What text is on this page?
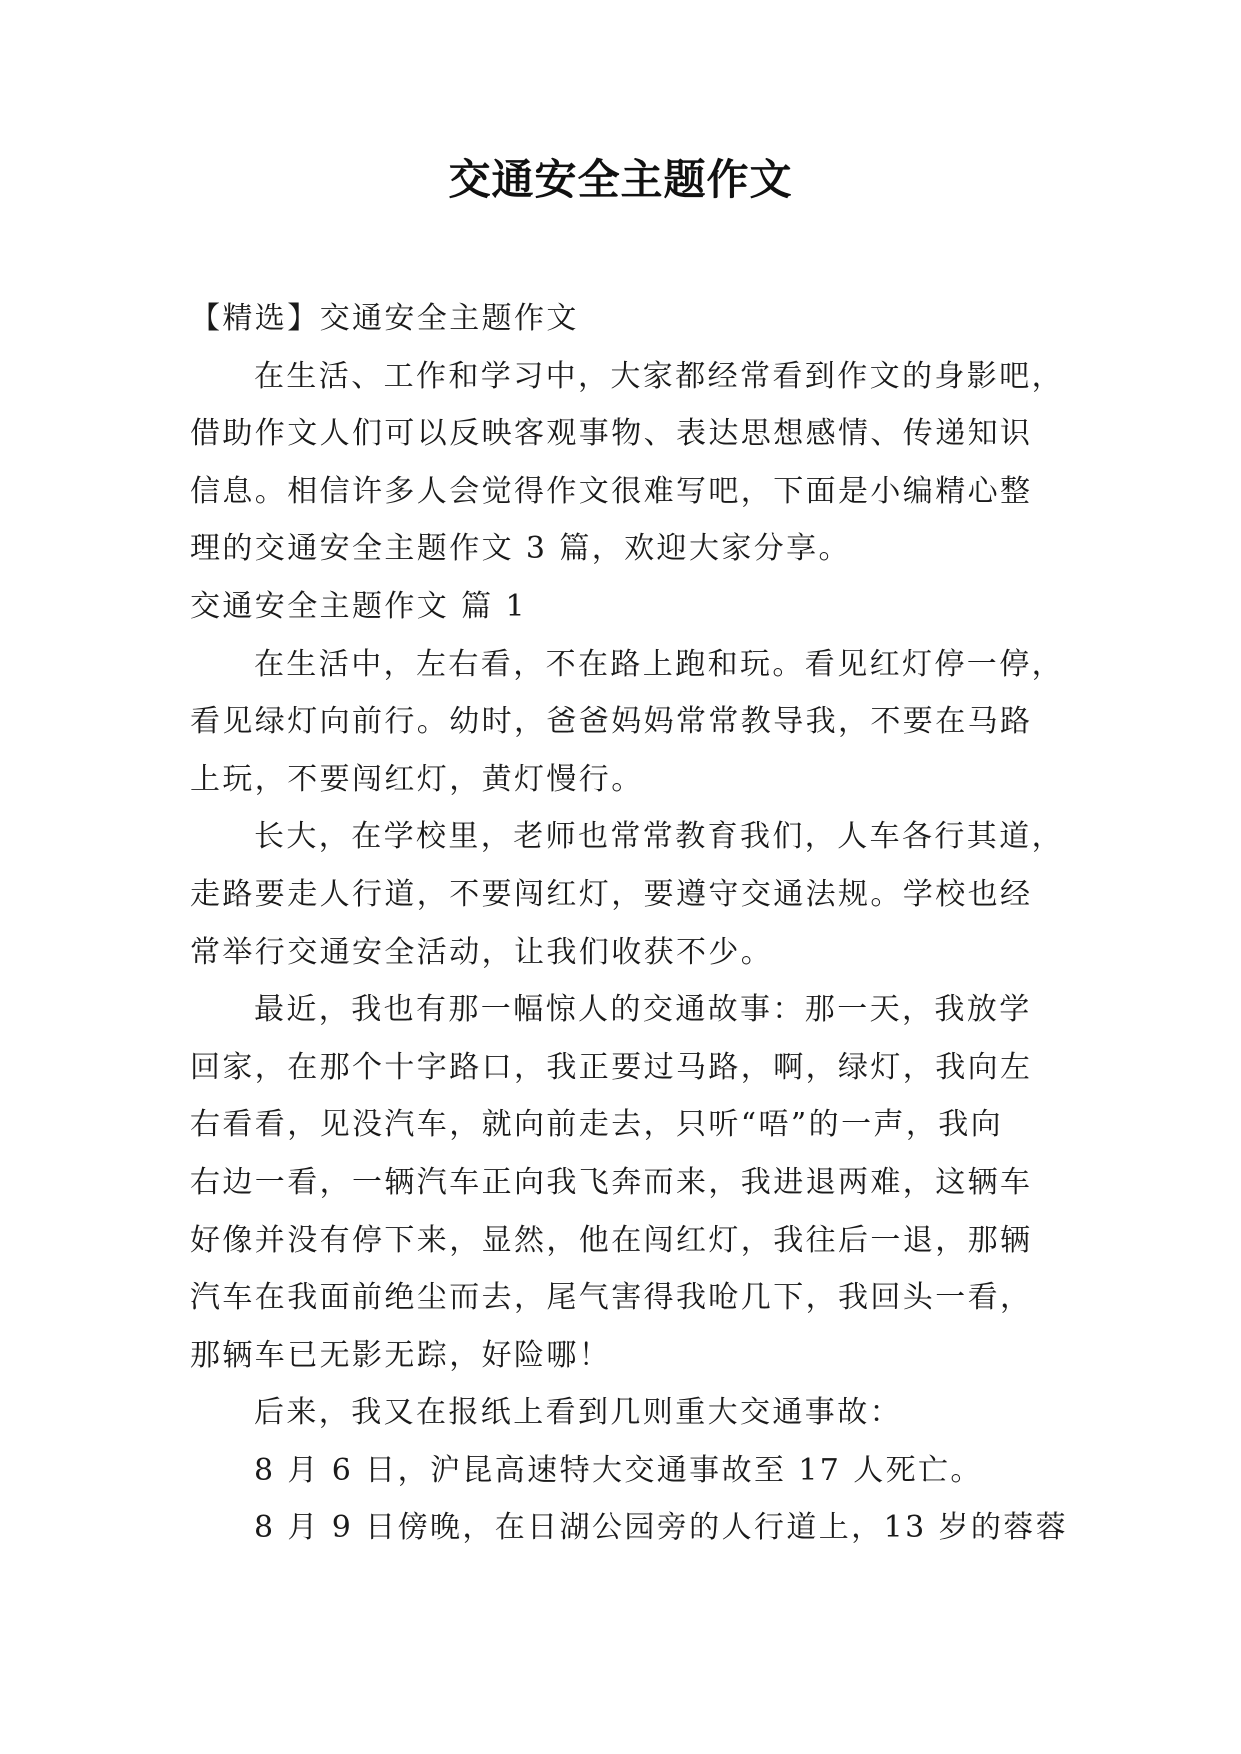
交通安全主题作文
【精选】交通安全主题作文
在生活、工作和学习中，大家都经常看到作文的身影吧，
借助作文人们可以反映客观事物、表达思想感情、传递知识
信息。相信许多人会觉得作文很难写吧，下面是小编精心整
理的交通安全主题作文 3 篇，欢迎大家分享。
交通安全主题作文 篇 1
在生活中，左右看，不在路上跑和玩。看见红灯停一停，
看见绿灯向前行。幼时，爸爸妈妈常常教导我，不要在马路
上玩，不要闯红灯，黄灯慢行。
长大，在学校里，老师也常常教育我们，人车各行其道，
走路要走人行道，不要闯红灯，要遵守交通法规。学校也经
常举行交通安全活动，让我们收获不少。
最近，我也有那一幅惊人的交通故事：那一天，我放学
回家，在那个十字路口，我正要过马路，啊，绿灯，我向左
右看看，见没汽车，就向前走去，只听“唔”的一声，我向
右边一看，一辆汽车正向我飞奔而来，我进退两难，这辆车
好像并没有停下来，显然，他在闯红灯，我往后一退，那辆
汽车在我面前绝尘而去，尾气害得我呛几下，我回头一看，
那辆车已无影无踪，好险哪！
后来，我又在报纸上看到几则重大交通事故：
8 月 6 日，沪昆高速特大交通事故至 17 人死亡。
8 月 9 日傍晚，在日湖公园旁的人行道上，13 岁的蓉蓉
